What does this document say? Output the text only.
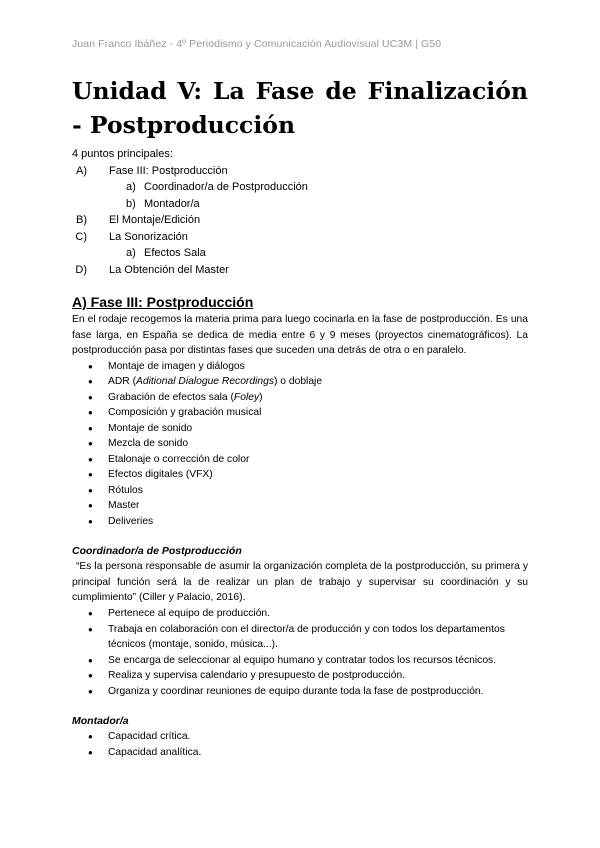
Juan Franco Ibáñez - 4º Periodismo y Comunicación Audiovisual UC3M | G50
Unidad V: La Fase de Finalización - Postproducción
4 puntos principales:
A) Fase III: Postproducción
a) Coordinador/a de Postproducción
b) Montador/a
B) El Montaje/Edición
C) La Sonorización
a) Efectos Sala
D) La Obtención del Master
A) Fase III: Postproducción

En el rodaje recogemos la materia prima para luego cocinarla en la fase de postproducción. Es una fase larga, en España se dedica de media entre 6 y 9 meses (proyectos cinematográficos). La postproducción pasa por distintas fases que suceden una detrás de otra o en paralelo.

● Montaje de imagen y diálogos
● ADR (Aditional Dialogue Recordings) o doblaje
● Grabación de efectos sala (Foley)
● Composición y grabación musical
● Montaje de sonido
● Mezcla de sonido
● Etalonaje o corrección de color
● Efectos digitales (VFX)
● Rótulos
● Master
● Deliveries
Coordinador/a de Postproducción

“Es la persona responsable de asumir la organización completa de la postproducción, su primera y principal función será la de realizar un plan de trabajo y supervisar su coordinación y su cumplimiento” (Ciller y Palacio, 2016).

● Pertenece al equipo de producción.
● Trabaja en colaboración con el director/a de producción y con todos los departamentos técnicos (montaje, sonido, música...).
● Se encarga de seleccionar al equipo humano y contratar todos los recursos técnicos.
● Realiza y supervisa calendario y presupuesto de postproducción.
● Organiza y coordinar reuniones de equipo durante toda la fase de postproducción.
Montador/a
● Capacidad crítica.
● Capacidad analítica.
